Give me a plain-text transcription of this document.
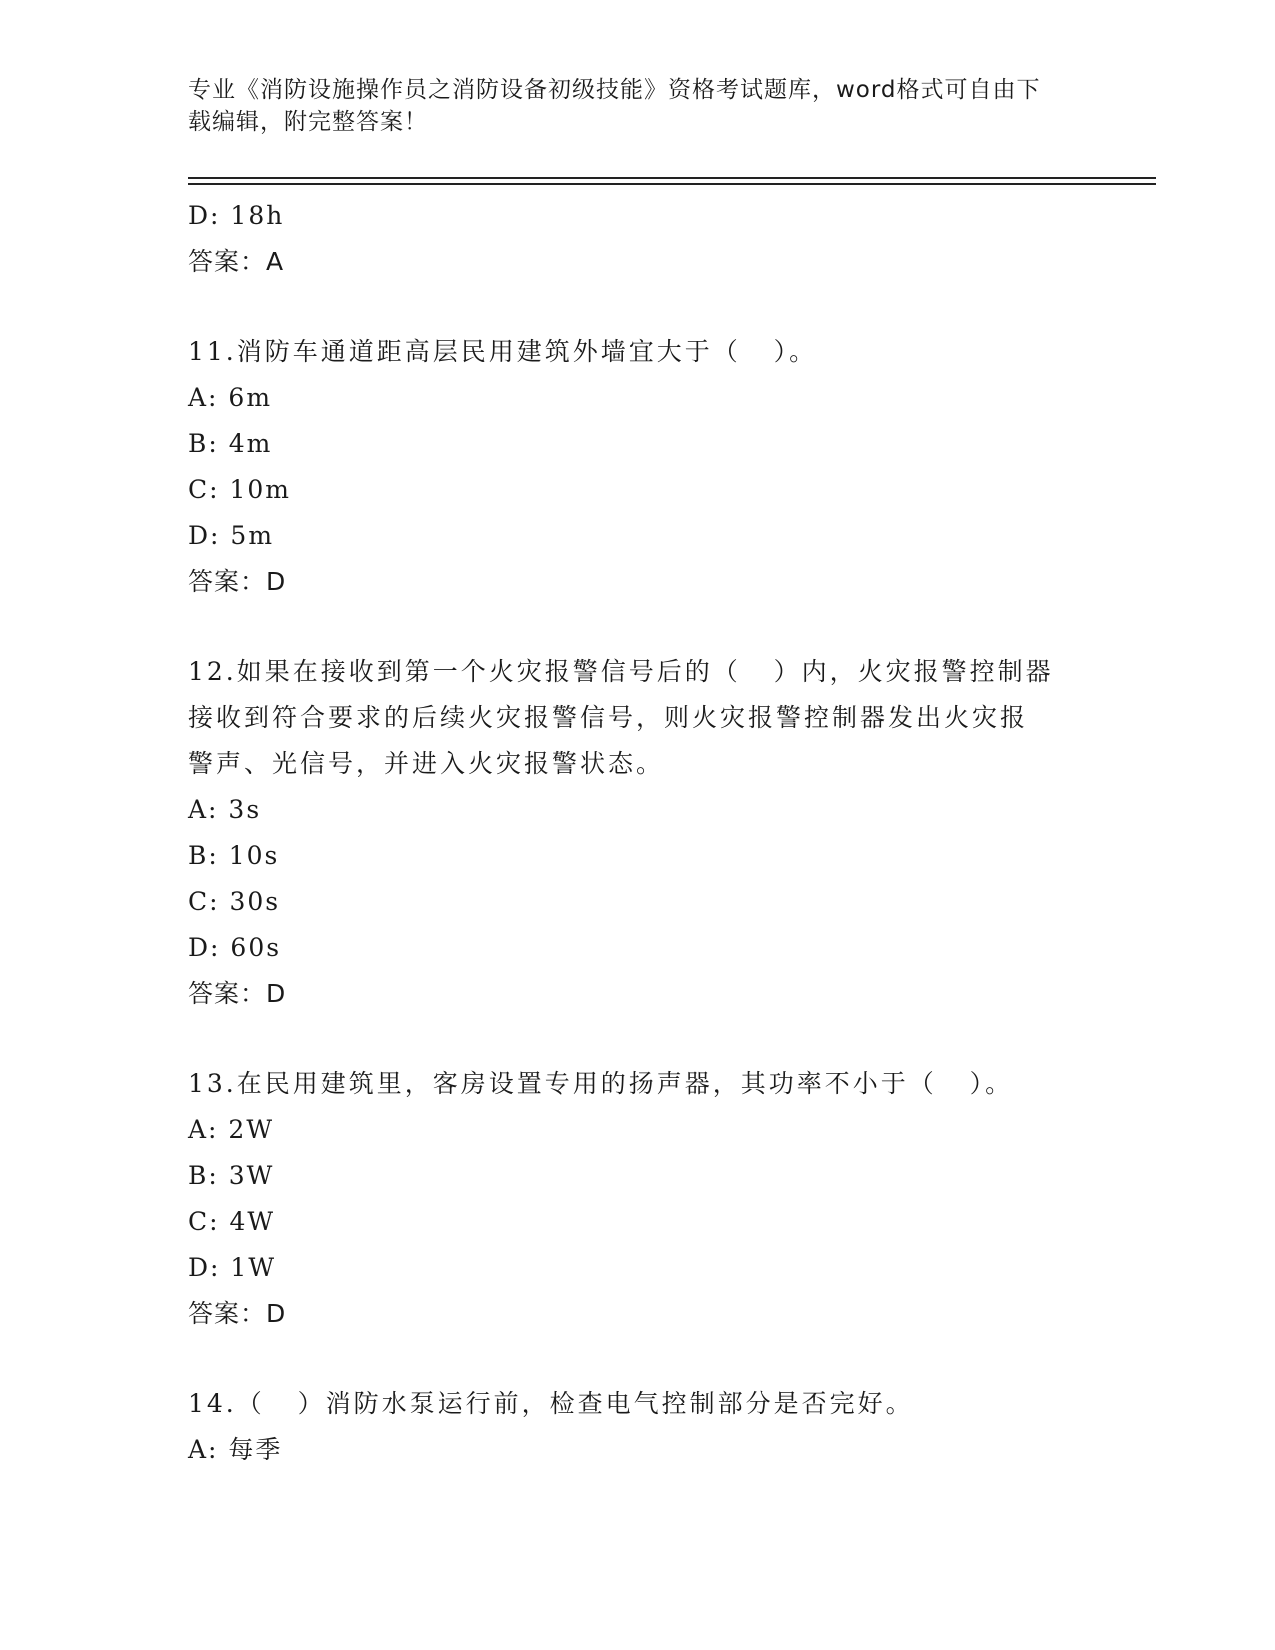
专业《消防设施操作员之消防设备初级技能》资格考试题库，word格式可自由下
载编辑，附完整答案！
D: 18h
答案：A
11.消防车通道距高层民用建筑外墙宜大于（   ）。
A: 6m
B: 4m
C: 10m
D: 5m
答案：D
12.如果在接收到第一个火灾报警信号后的（   ）内，火灾报警控制器
接收到符合要求的后续火灾报警信号，则火灾报警控制器发出火灾报
警声、光信号，并进入火灾报警状态。
A: 3s
B: 10s
C: 30s
D: 60s
答案：D
13.在民用建筑里，客房设置专用的扬声器，其功率不小于（   ）。
A: 2W
B: 3W
C: 4W
D: 1W
答案：D
14.（   ）消防水泵运行前，检查电气控制部分是否完好。
A: 每季
